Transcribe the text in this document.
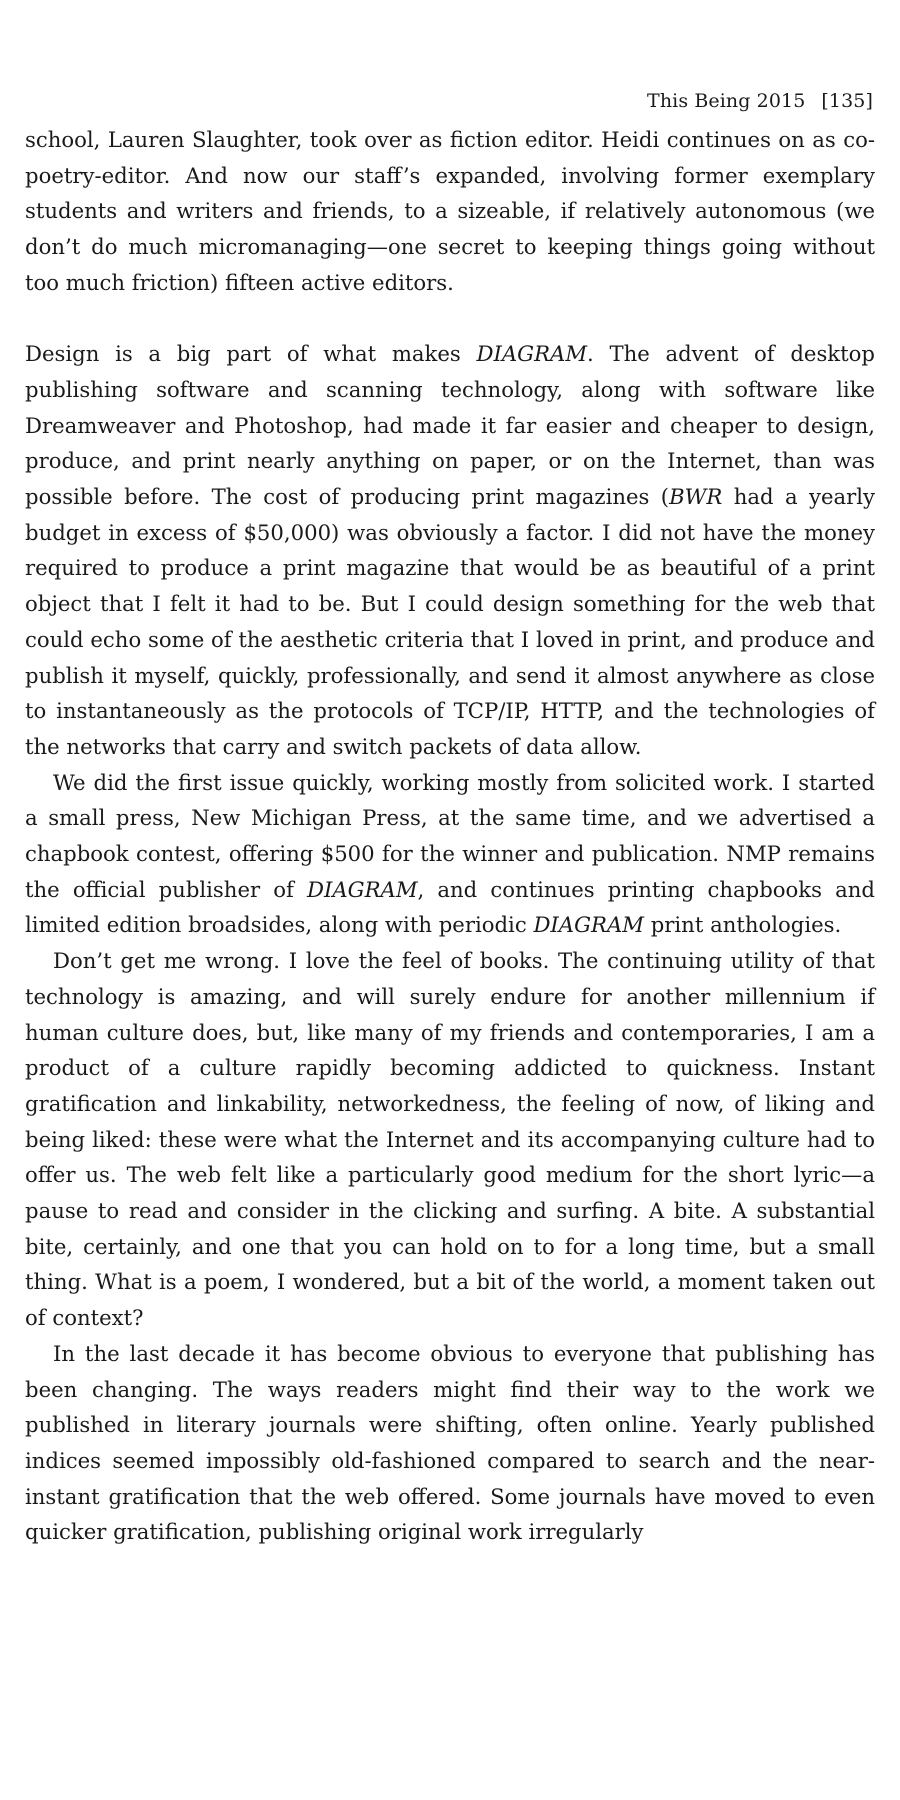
This Being 2015 [135]

school, Lauren Slaughter, took over as fiction editor. Heidi continues on as co-poetry-editor. And now our staff’s expanded, involving former exemplary students and writers and friends, to a sizeable, if relatively autonomous (we don’t do much micromanaging—one secret to keeping things going without too much friction) fifteen active editors.

Design is a big part of what makes DIAGRAM. The advent of desktop publishing software and scanning technology, along with software like Dreamweaver and Photoshop, had made it far easier and cheaper to design, produce, and print nearly anything on paper, or on the Internet, than was possible before. The cost of producing print magazines (BWR had a yearly budget in excess of $50,000) was obviously a factor. I did not have the money required to produce a print magazine that would be as beautiful of a print object that I felt it had to be. But I could design something for the web that could echo some of the aesthetic criteria that I loved in print, and produce and publish it myself, quickly, professionally, and send it almost anywhere as close to instantaneously as the protocols of TCP/IP, HTTP, and the technologies of the networks that carry and switch packets of data allow.

We did the first issue quickly, working mostly from solicited work. I started a small press, New Michigan Press, at the same time, and we advertised a chapbook contest, offering $500 for the winner and publication. NMP remains the official publisher of DIAGRAM, and continues printing chapbooks and limited edition broadsides, along with periodic DIAGRAM print anthologies.

Don’t get me wrong. I love the feel of books. The continuing utility of that technology is amazing, and will surely endure for another millennium if human culture does, but, like many of my friends and contemporaries, I am a product of a culture rapidly becoming addicted to quickness. Instant gratification and linkability, networkedness, the feeling of now, of liking and being liked: these were what the Internet and its accompanying culture had to offer us. The web felt like a particularly good medium for the short lyric—a pause to read and consider in the clicking and surfing. A bite. A substantial bite, certainly, and one that you can hold on to for a long time, but a small thing. What is a poem, I wondered, but a bit of the world, a moment taken out of context?

In the last decade it has become obvious to everyone that publishing has been changing. The ways readers might find their way to the work we published in literary journals were shifting, often online. Yearly published indices seemed impossibly old-fashioned compared to search and the near-instant gratification that the web offered. Some journals have moved to even quicker gratification, publishing original work irregularly
